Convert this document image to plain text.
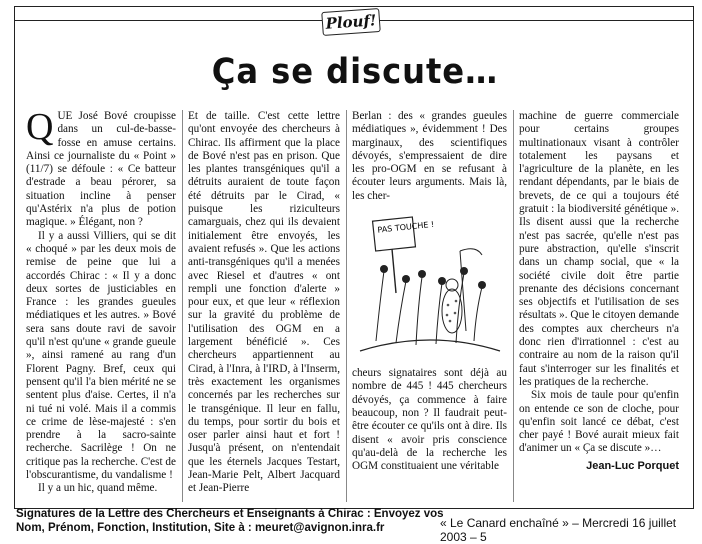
Plouf!
Ça se discute…

QUE José Bové croupisse dans un cul-de-basse-fosse en amuse certains. Ainsi ce journaliste du « Point » (11/7) se défoule : « Ce batteur d'estrade a beau pérorer, sa situation incline à penser qu'Astérix n'a plus de potion magique. » Élégant, non ?

Il y a aussi Villiers, qui se dit « choqué » par les deux mois de remise de peine que lui a accordés Chirac : « Il y a donc deux sortes de justiciables en France : les grandes gueules médiatiques et les autres. » Bové sera sans doute ravi de savoir qu'il n'est qu'une « grande gueule », ainsi ramené au rang d'un Florent Pagny. Bref, ceux qui pensent qu'il l'a bien mérité ne se sentent plus d'aise. Certes, il n'a ni tué ni volé. Mais il a commis ce crime de lèse-majesté : s'en prendre à la sacro-sainte recherche. Sacrilège ! On ne critique pas la recherche. C'est de l'obscurantisme, du vandalisme !

Il y a un hic, quand même.

Et de taille. C'est cette lettre qu'ont envoyée des chercheurs à Chirac. Ils affirment que la place de Bové n'est pas en prison. Que les plantes transgéniques qu'il a détruits auraient de toute façon été détruits par le Cirad, « puisque les riziculteurs camarguais, chez qui ils devaient initialement être envoyés, les avaient refusés ». Que les actions anti-transgéniques qu'il a menées avec Riesel et d'autres « ont rempli une fonction d'alerte » pour eux, et que leur « réflexion sur la gravité du problème de l'utilisation des OGM en a largement bénéficié ». Ces chercheurs appartiennent au Cirad, à l'Inra, à l'IRD, à l'Inserm, très exactement les organismes concernés par les recherches sur le transgénique. Il leur en fallu, du temps, pour sortir du bois et oser parler ainsi haut et fort ! Jusqu'à présent, on n'entendait que les éternels Jacques Testart, Jean-Marie Pelt, Albert Jacquard et Jean-Pierre

Berlan : des « grandes gueules médiatiques », évidemment ! Des marginaux, des scientifiques dévoyés, s'empressaient de dire les pro-OGM en se refusant à écouter leurs arguments. Mais là, les cher-

PAS TOUCHE !

cheurs signataires sont déjà au nombre de 445 ! 445 chercheurs dévoyés, ça commence à faire beaucoup, non ? Il faudrait peut-être écouter ce qu'ils ont à dire. Ils disent « avoir pris conscience qu'au-delà de la recherche les OGM constituaient une véritable

machine de guerre commerciale pour certains groupes multinationaux visant à contrôler totalement les paysans et l'agriculture de la planète, en les rendant dépendants, par le biais de brevets, de ce qui a toujours été gratuit : la biodiversité génétique ». Ils disent aussi que la recherche n'est pas sacrée, qu'elle n'est pas pure abstraction, qu'elle s'inscrit dans un champ social, que « la société civile doit être partie prenante des décisions concernant ses objectifs et l'utilisation de ses résultats ». Que le citoyen demande des comptes aux chercheurs n'a donc rien d'irrationnel : c'est au contraire au nom de la raison qu'il faut s'interroger sur les finalités et les pratiques de la recherche.

Six mois de taule pour qu'enfin on entende ce son de cloche, pour qu'enfin soit lancé ce débat, c'est cher payé ! Bové aurait mieux fait d'animer un « Ça se discute »…

Jean-Luc Porquet
Signatures de la Lettre des Chercheurs et Enseignants à Chirac : Envoyez vos
Nom, Prénom, Fonction, Institution, Site à : meuret@avignon.inra.fr	« Le Canard enchaîné » – Mercredi 16 juillet 2003 – 5
